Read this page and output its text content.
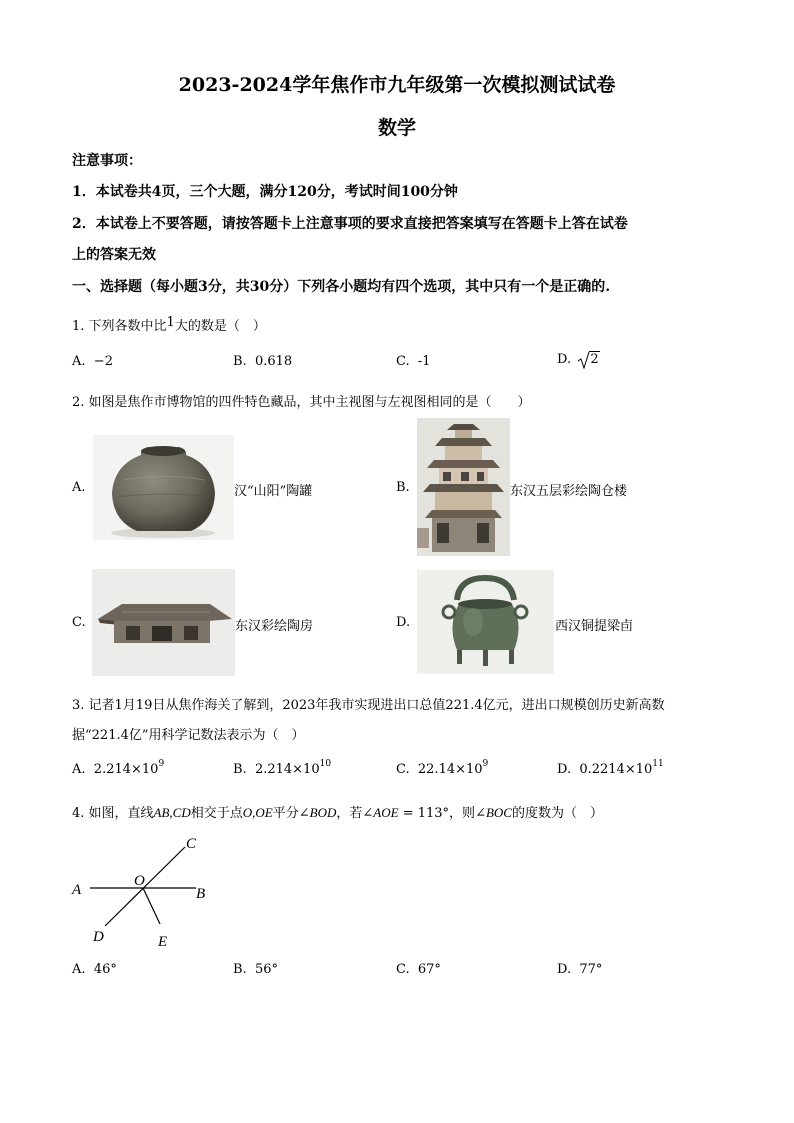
2023-2024学年焦作市九年级第一次模拟测试试卷
数学
注意事项：
1．本试卷共4页，三个大题，满分120分，考试时间100分钟
2．本试卷上不要答题，请按答题卡上注意事项的要求直接把答案填写在答题卡上答在试卷
上的答案无效
一、选择题（每小题3分，共30分）下列各小题均有四个选项，其中只有一个是正确的.
1. 下列各数中比1大的数是（　）
A. −2	B. 0.618	C. -1	D. 2
2. 如图是焦作市博物馆的四件特色藏品，其中主视图与左视图相同的是（　　）
A.	汉“山阳”陶罐	B.	东汉五层彩绘陶仓楼
C.	东汉彩绘陶房	D.	西汉铜提梁卣
3. 记者1月19日从焦作海关了解到，2023年我市实现进出口总值221.4亿元，进出口规模创历史新高数
据“221.4亿”用科学记数法表示为（　）
A. $2.214\times 10^9$	B. $2.214\times 10^{10}$	C. $22.14\times 10^9$	D. $0.2214\times 10^{11}$
4. 如图，直线AB,CD相交于点O,OE平分∠BOD，若∠AOE = 113°，则∠BOC的度数为（　）
A	B
C
D	E
O
A. 46°	B. 56°	C. 67°	D. 77°
